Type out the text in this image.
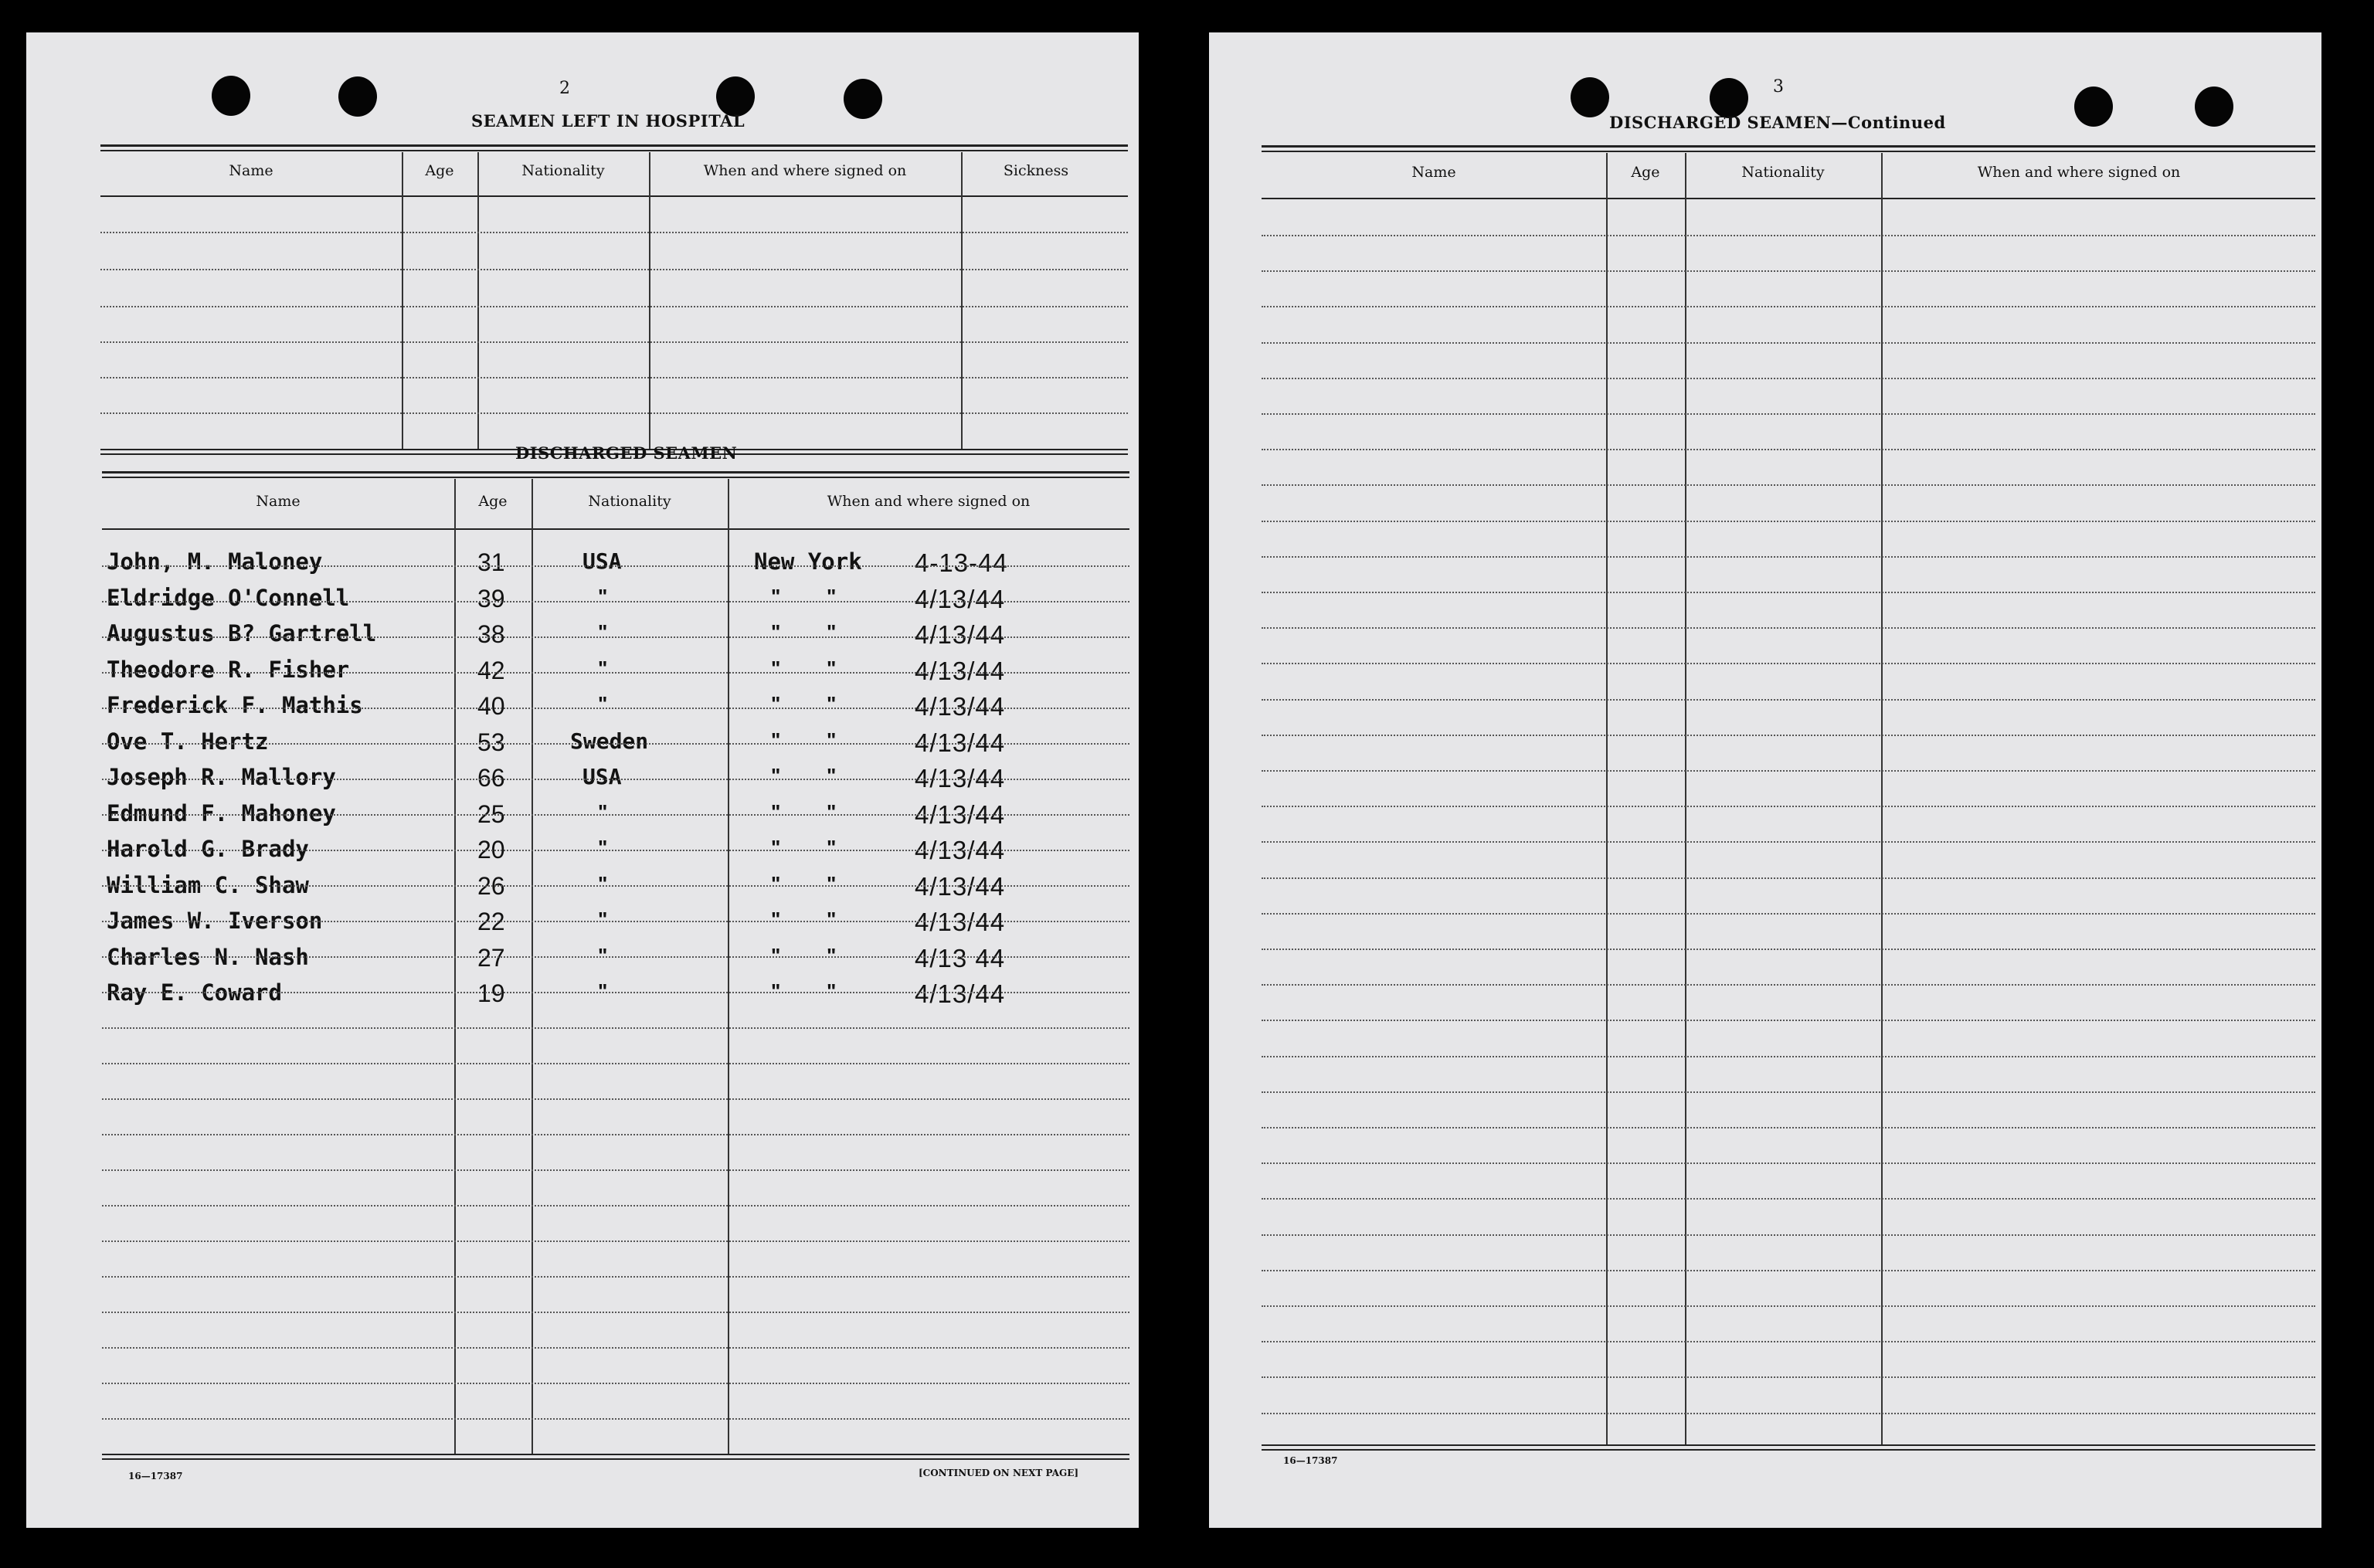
2
SEAMEN LEFT IN HOSPITAL
Name	Age	Nationality	When and where signed on	Sickness
DISCHARGED SEAMEN
Name	Age	Nationality	When and where signed on
John, M. Maloney	31	USA	New York 4-13-44
Eldridge O'Connell	39	"	" "	4/13/44
Augustus B? Gartrell	38	"	" "	4/13/44
Theodore R. Fisher	42	"	" "	4/13/44
Frederick F. Mathis	40	"	" "	4/13/44
Ove T. Hertz	53	Sweden	" "	4/13/44
Joseph R. Mallory	66	USA	" "	4/13/44
Edmund F. Mahoney	25	"	" "	4/13/44
Harold G. Brady	20	"	" "	4/13/44
William C. Shaw	26	"	" "	4/13/44
James W. Iverson	22	"	" "	4/13/44
Charles N. Nash	27	"	" "	4/13 44
Ray E. Coward	19	"	" "	4/13/44
16—17387	[CONTINUED ON NEXT PAGE]
3
DISCHARGED SEAMEN—Continued
Name	Age	Nationality	When and where signed on
16—17387
